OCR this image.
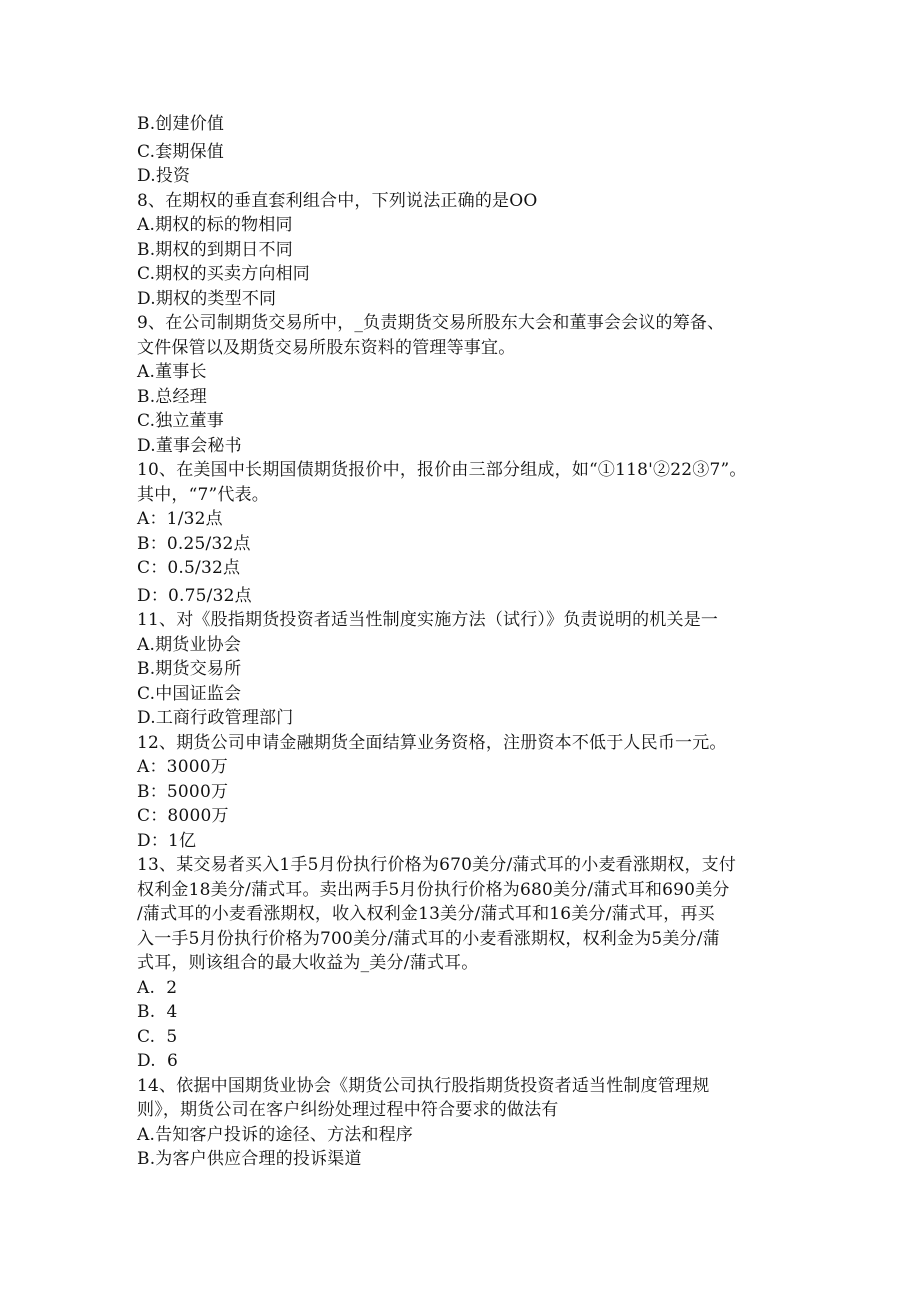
B.创建价值
C.套期保值
D.投资
8、在期权的垂直套利组合中，下列说法正确的是OO
A.期权的标的物相同
B.期权的到期日不同
C.期权的买卖方向相同
D.期权的类型不同
9、在公司制期货交易所中，_负责期货交易所股东大会和董事会会议的筹备、
文件保管以及期货交易所股东资料的管理等事宜。
A.董事长
B.总经理
C.独立董事
D.董事会秘书
10、在美国中长期国债期货报价中，报价由三部分组成，如“①118'②22③7”。
其中，“7”代表。
A：1/32点
B：0.25/32点
C：0.5/32点
D：0.75/32点
11、对《股指期货投资者适当性制度实施方法（试行）》负责说明的机关是一
A.期货业协会
B.期货交易所
C.中国证监会
D.工商行政管理部门
12、期货公司申请金融期货全面结算业务资格，注册资本不低于人民币一元。
A：3000万
B：5000万
C：8000万
D：1亿
13、某交易者买入1手5月份执行价格为670美分/蒲式耳的小麦看涨期权，支付
权利金18美分/蒲式耳。卖出两手5月份执行价格为680美分/蒲式耳和690美分
/蒲式耳的小麦看涨期权，收入权利金13美分/蒲式耳和16美分/蒲式耳，再买
入一手5月份执行价格为700美分/蒲式耳的小麦看涨期权，权利金为5美分/蒲
式耳，则该组合的最大收益为_美分/蒲式耳。
A.  2
B.  4
C.  5
D.  6
14、依据中国期货业协会《期货公司执行股指期货投资者适当性制度管理规
则》，期货公司在客户纠纷处理过程中符合要求的做法有
A.告知客户投诉的途径、方法和程序
B.为客户供应合理的投诉渠道
